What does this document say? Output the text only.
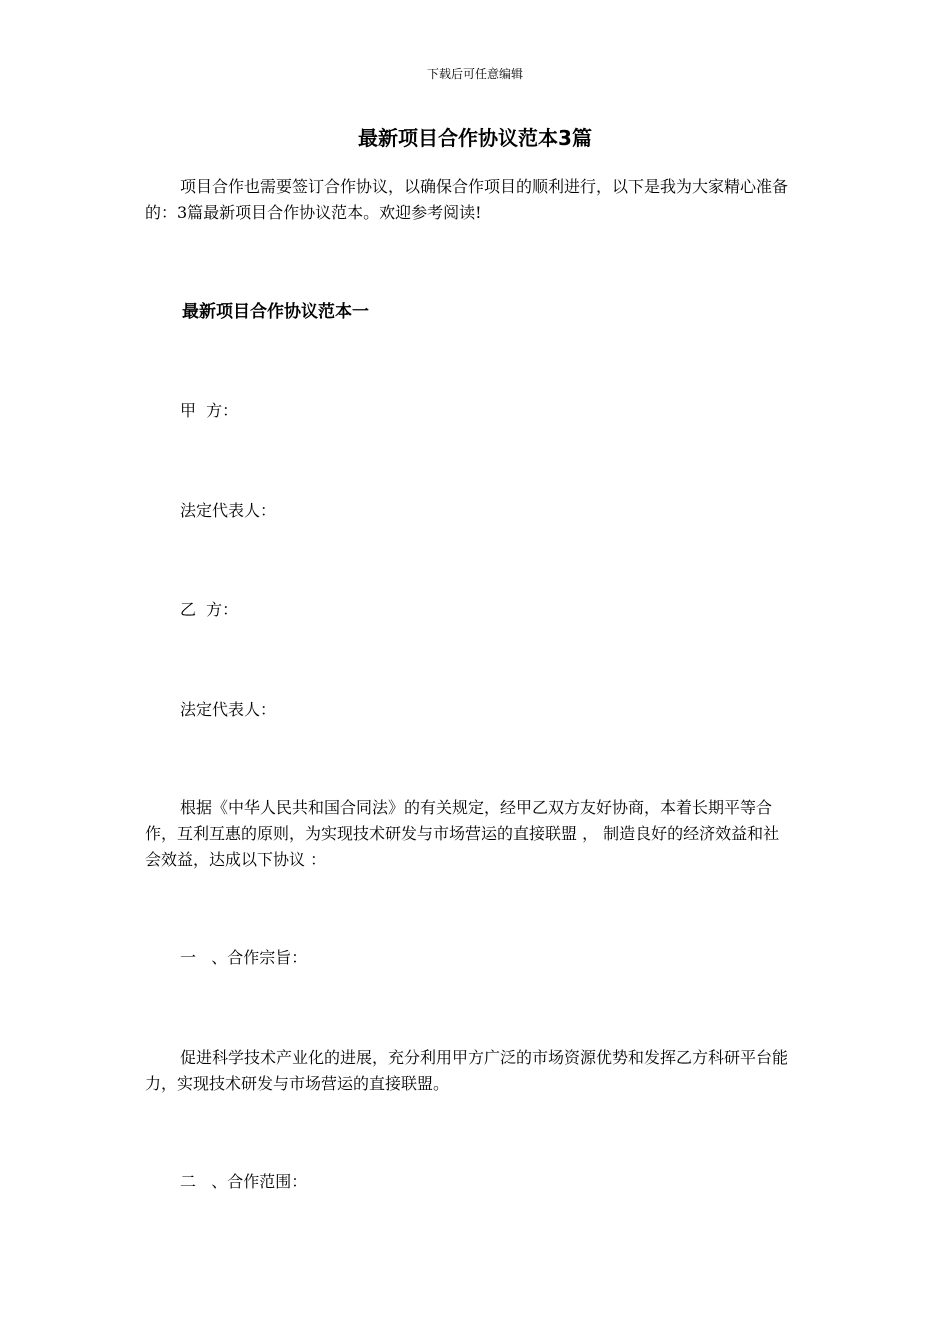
下载后可任意编辑
最新项目合作协议范本3篇

项目合作也需要签订合作协议，以确保合作项目的顺利进行，以下是我为大家精心准备的：3篇最新项目合作协议范本。欢迎参考阅读!

最新项目合作协议范本一

甲  方：

法定代表人：

乙  方：

法定代表人：

根据《中华人民共和国合同法》的有关规定，经甲乙双方友好协商，本着长期平等合作，互利互惠的原则，为实现技术研发与市场营运的直接联盟 ， 制造良好的经济效益和社会效益，达成以下协议 ：

一   、合作宗旨：

促进科学技术产业化的进展，充分利用甲方广泛的市场资源优势和发挥乙方科研平台能力，实现技术研发与市场营运的直接联盟。

二   、合作范围：
